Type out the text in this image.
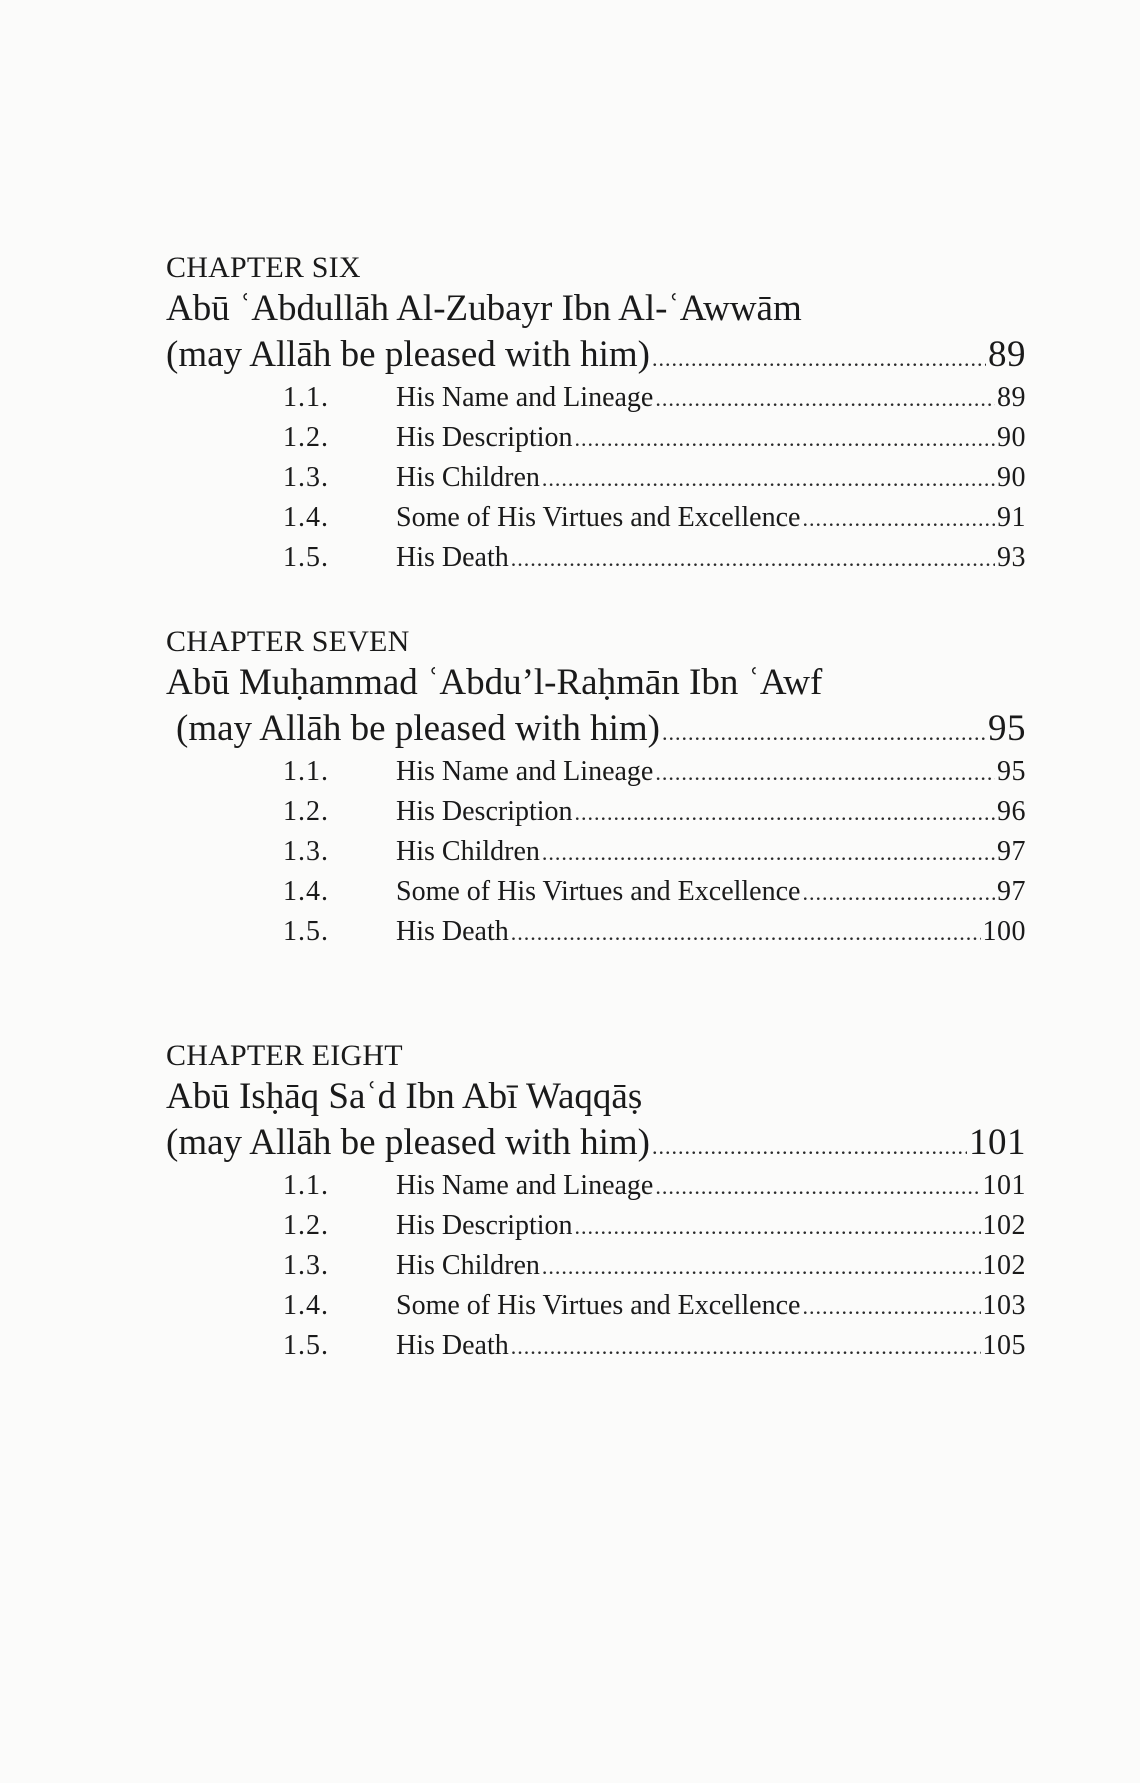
CHAPTER SIX
Abū ʿAbdullāh Al-Zubayr Ibn Al-ʿAwwām
(may Allāh be pleased with him) .....	89
1.1.	His Name and Lineage .....	89
1.2.	His Description .....	90
1.3.	His Children .....	90
1.4.	Some of His Virtues and Excellence .....	91
1.5.	His Death .....	93
CHAPTER SEVEN
Abū Muḥammad ʿAbdu’l-Raḥmān Ibn ʿAwf
(may Allāh be pleased with him) .....	95
1.1.	His Name and Lineage .....	95
1.2.	His Description .....	96
1.3.	His Children .....	97
1.4.	Some of His Virtues and Excellence .....	97
1.5.	His Death .....	100
CHAPTER EIGHT
Abū Isḥāq Saʿd Ibn Abī Waqqāṣ
(may Allāh be pleased with him) .....	101
1.1.	His Name and Lineage .....	101
1.2.	His Description .....	102
1.3.	His Children .....	102
1.4.	Some of His Virtues and Excellence .....	103
1.5.	His Death .....	105
